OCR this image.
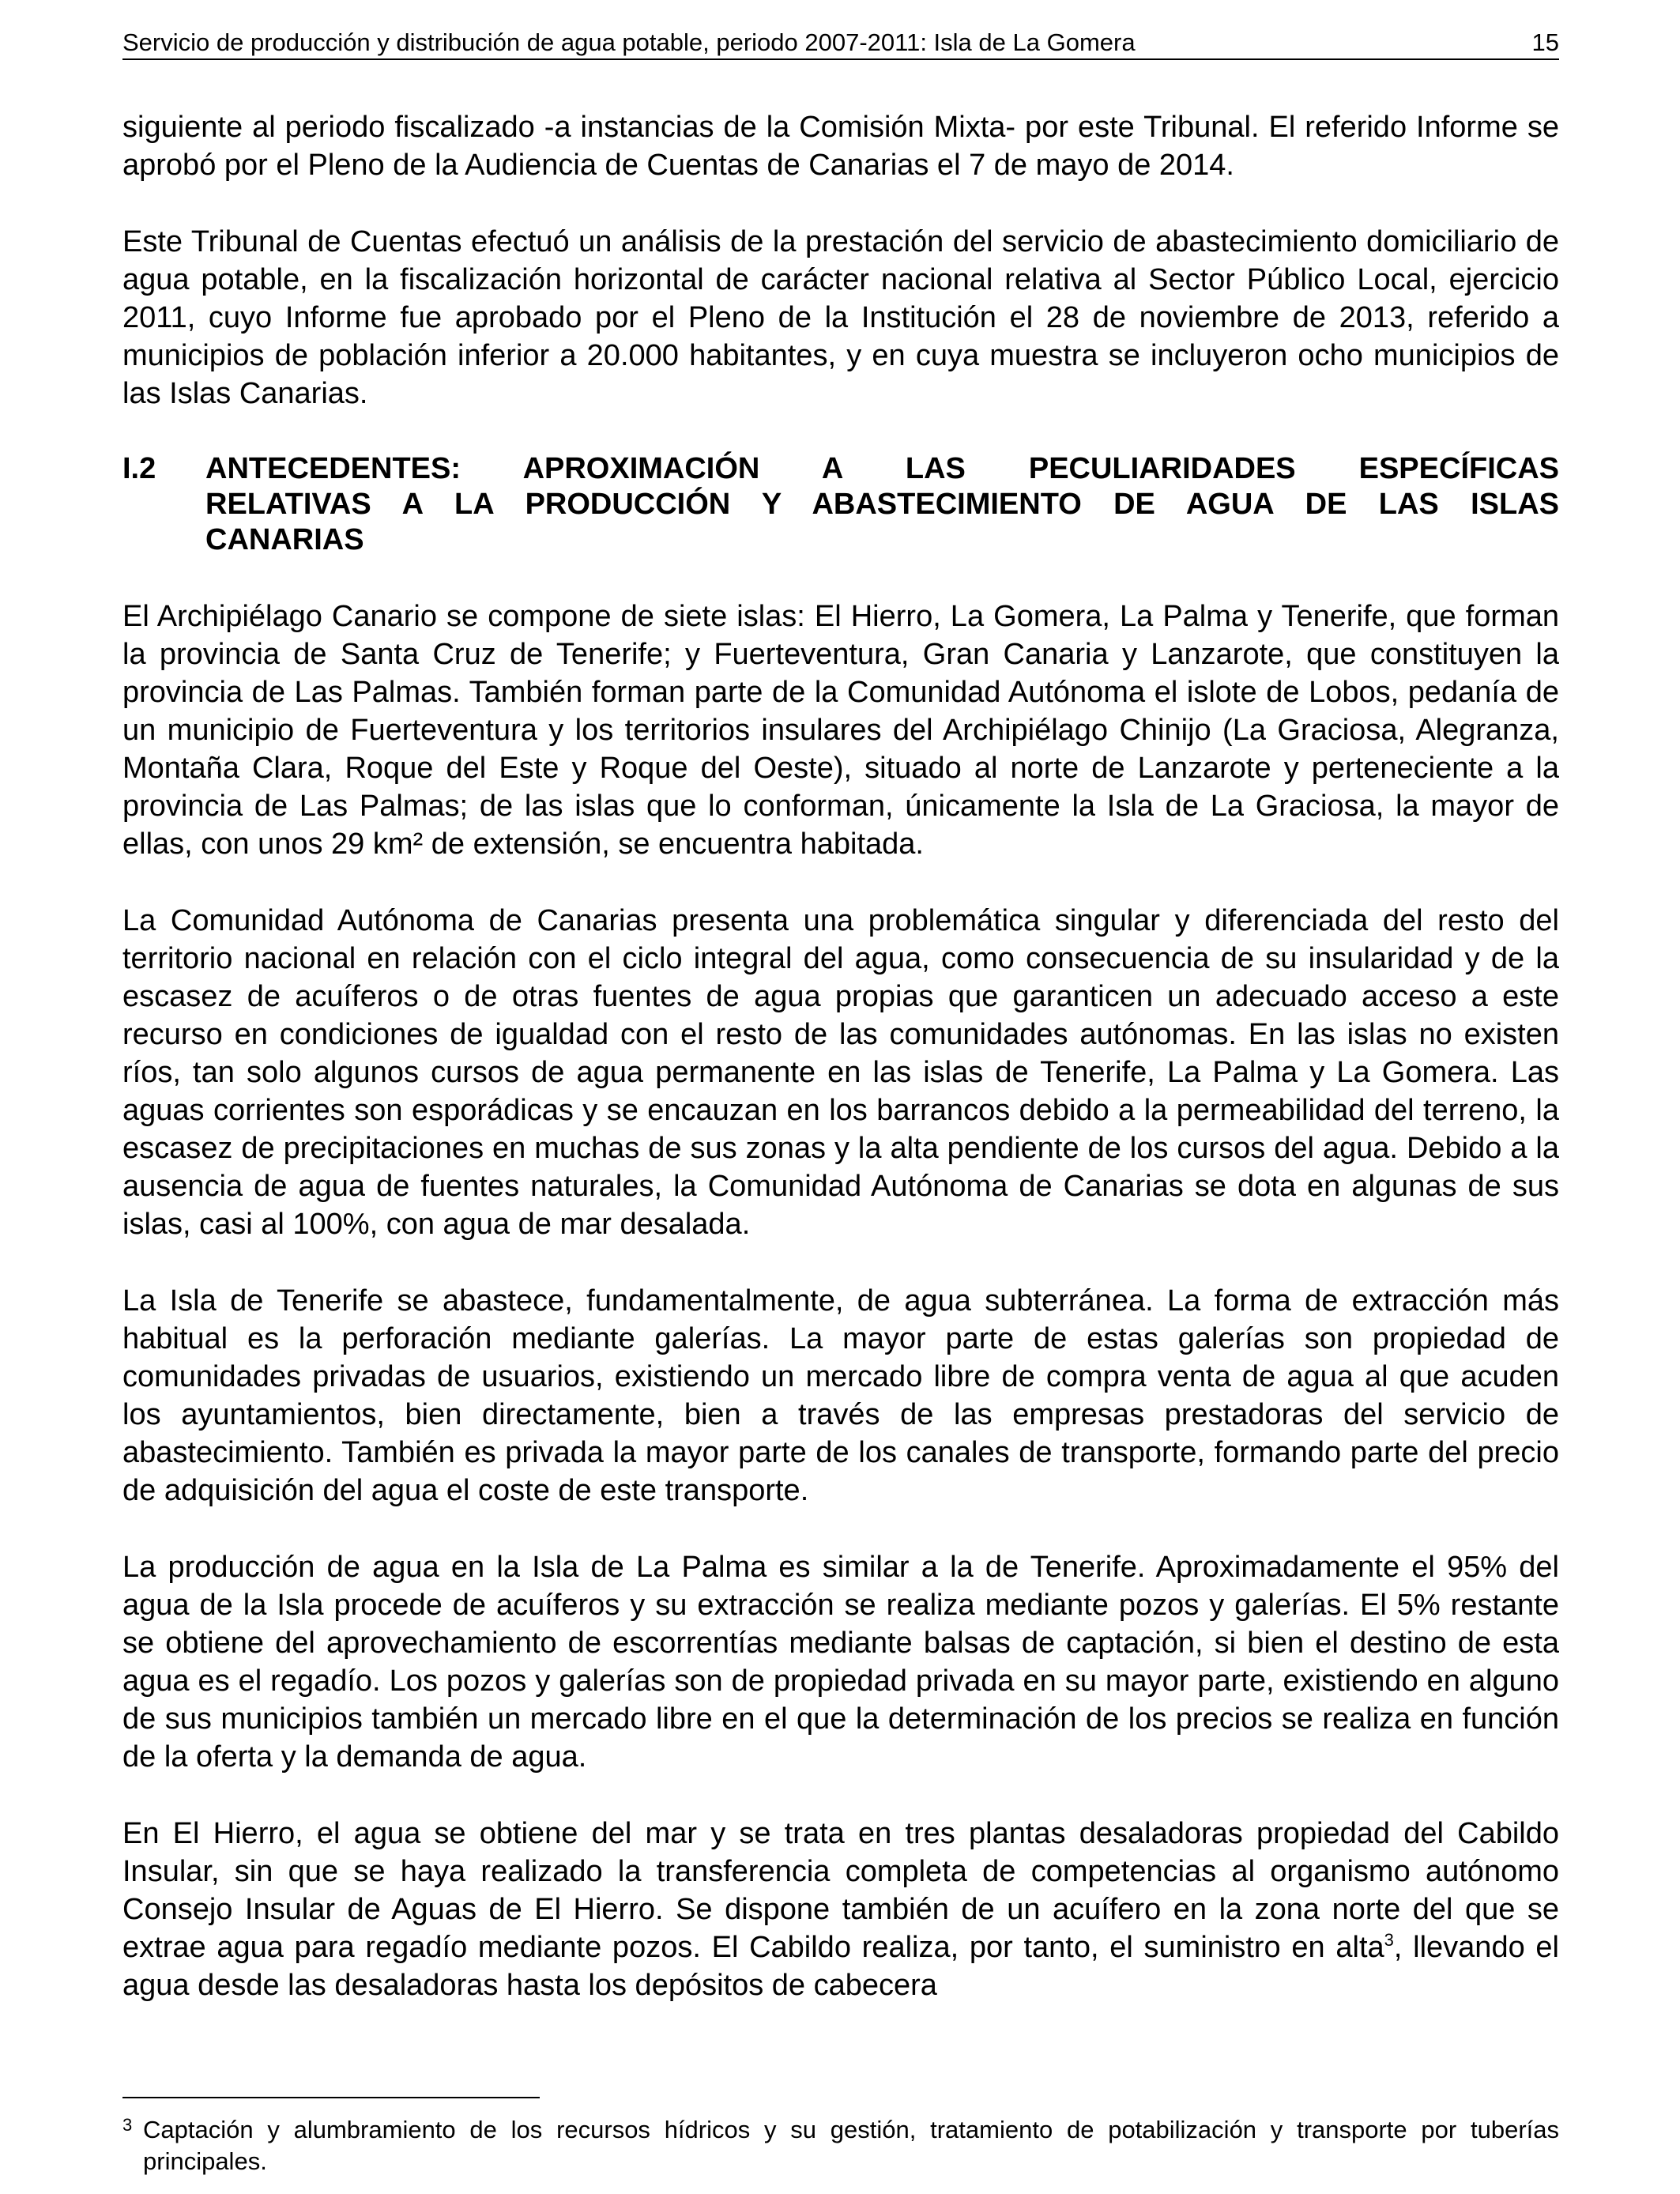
Servicio de producción y distribución de agua potable, periodo 2007-2011: Isla de La Gomera	15

siguiente al periodo fiscalizado -a instancias de la Comisión Mixta- por este Tribunal. El referido Informe se aprobó por el Pleno de la Audiencia de Cuentas de Canarias el 7 de mayo de 2014.

Este Tribunal de Cuentas efectuó un análisis de la prestación del servicio de abastecimiento domiciliario de agua potable, en la fiscalización horizontal de carácter nacional relativa al Sector Público Local, ejercicio 2011, cuyo Informe fue aprobado por el Pleno de la Institución el 28 de noviembre de 2013, referido a municipios de población inferior a 20.000 habitantes, y en cuya muestra se incluyeron ocho municipios de las Islas Canarias.

I.2	ANTECEDENTES: APROXIMACIÓN A LAS PECULIARIDADES ESPECÍFICAS
RELATIVAS A LA PRODUCCIÓN Y ABASTECIMIENTO DE AGUA DE LAS ISLAS
CANARIAS

El Archipiélago Canario se compone de siete islas: El Hierro, La Gomera, La Palma y Tenerife, que forman la provincia de Santa Cruz de Tenerife; y Fuerteventura, Gran Canaria y Lanzarote, que constituyen la provincia de Las Palmas. También forman parte de la Comunidad Autónoma el islote de Lobos, pedanía de un municipio de Fuerteventura y los territorios insulares del Archipiélago Chinijo (La Graciosa, Alegranza, Montaña Clara, Roque del Este y Roque del Oeste), situado al norte de Lanzarote y perteneciente a la provincia de Las Palmas; de las islas que lo conforman, únicamente la Isla de La Graciosa, la mayor de ellas, con unos 29 km² de extensión, se encuentra habitada.

La Comunidad Autónoma de Canarias presenta una problemática singular y diferenciada del resto del territorio nacional en relación con el ciclo integral del agua, como consecuencia de su insularidad y de la escasez de acuíferos o de otras fuentes de agua propias que garanticen un adecuado acceso a este recurso en condiciones de igualdad con el resto de las comunidades autónomas. En las islas no existen ríos, tan solo algunos cursos de agua permanente en las islas de Tenerife, La Palma y La Gomera. Las aguas corrientes son esporádicas y se encauzan en los barrancos debido a la permeabilidad del terreno, la escasez de precipitaciones en muchas de sus zonas y la alta pendiente de los cursos del agua. Debido a la ausencia de agua de fuentes naturales, la Comunidad Autónoma de Canarias se dota en algunas de sus islas, casi al 100%, con agua de mar desalada.

La Isla de Tenerife se abastece, fundamentalmente, de agua subterránea. La forma de extracción más habitual es la perforación mediante galerías. La mayor parte de estas galerías son propiedad de comunidades privadas de usuarios, existiendo un mercado libre de compra venta de agua al que acuden los ayuntamientos, bien directamente, bien a través de las empresas prestadoras del servicio de abastecimiento. También es privada la mayor parte de los canales de transporte, formando parte del precio de adquisición del agua el coste de este transporte.

La producción de agua en la Isla de La Palma es similar a la de Tenerife. Aproximadamente el 95% del agua de la Isla procede de acuíferos y su extracción se realiza mediante pozos y galerías. El 5% restante se obtiene del aprovechamiento de escorrentías mediante balsas de captación, si bien el destino de esta agua es el regadío. Los pozos y galerías son de propiedad privada en su mayor parte, existiendo en alguno de sus municipios también un mercado libre en el que la determinación de los precios se realiza en función de la oferta y la demanda de agua.

En El Hierro, el agua se obtiene del mar y se trata en tres plantas desaladoras propiedad del Cabildo Insular, sin que se haya realizado la transferencia completa de competencias al organismo autónomo Consejo Insular de Aguas de El Hierro. Se dispone también de un acuífero en la zona norte del que se extrae agua para regadío mediante pozos. El Cabildo realiza, por tanto, el suministro en alta$^3$, llevando el agua desde las desaladoras hasta los depósitos de cabecera

3 Captación y alumbramiento de los recursos hídricos y su gestión, tratamiento de potabilización y transporte por tuberías principales.
